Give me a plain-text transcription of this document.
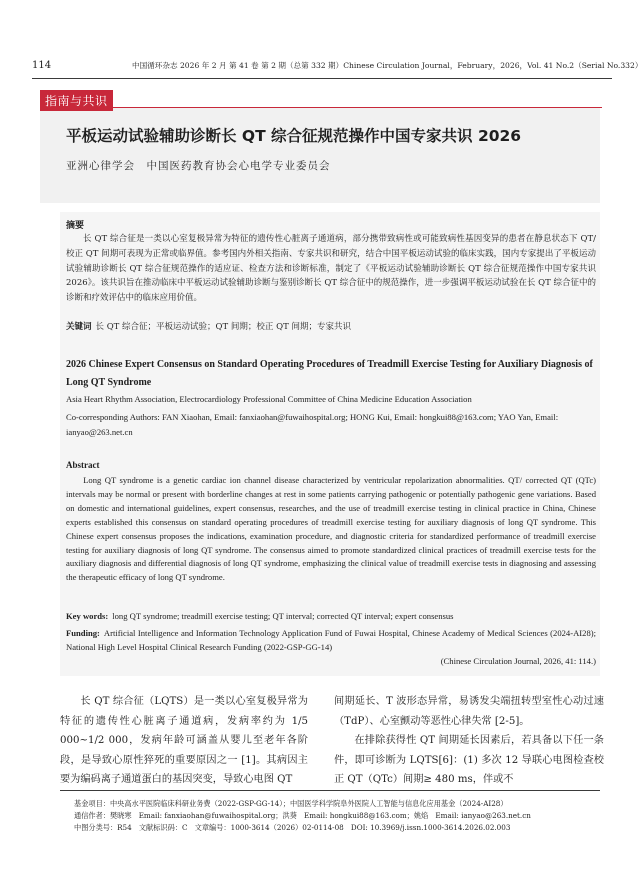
114	中国循环杂志 2026 年 2 月 第 41 卷 第 2 期（总第 332 期）Chinese Circulation Journal，February，2026，Vol. 41 No.2（Serial No.332）
指南与共识
平板运动试验辅助诊断长 QT 综合征规范操作中国专家共识 2026
亚洲心律学会　中国医药教育协会心电学专业委员会
摘要
长 QT 综合征是一类以心室复极异常为特征的遗传性心脏离子通道病，部分携带致病性或可能致病性基因变异的患者在静息状态下 QT/ 校正 QT 间期可表现为正常或临界值。参考国内外相关指南、专家共识和研究，结合中国平板运动试验的临床实践，国内专家提出了平板运动试验辅助诊断长 QT 综合征规范操作的适应证、检查方法和诊断标准，制定了《平板运动试验辅助诊断长 QT 综合征规范操作中国专家共识 2026》。该共识旨在推动临床中平板运动试验辅助诊断与鉴别诊断长 QT 综合征中的规范操作，进一步强调平板运动试验在长 QT 综合征中的诊断和疗效评估中的临床应用价值。
关键词 长 QT 综合征；平板运动试验；QT 间期；校正 QT 间期；专家共识
2026 Chinese Expert Consensus on Standard Operating Procedures of Treadmill Exercise Testing for Auxiliary Diagnosis of Long QT Syndrome
Asia Heart Rhythm Association, Electrocardiology Professional Committee of China Medicine Education Association
Co-corresponding Authors: FAN Xiaohan, Email: fanxiaohan@fuwaihospital.org; HONG Kui, Email: hongkui88@163.com; YAO Yan, Email: ianyao@263.net.cn
Abstract
Long QT syndrome is a genetic cardiac ion channel disease characterized by ventricular repolarization abnormalities. QT/ corrected QT (QTc) intervals may be normal or present with borderline changes at rest in some patients carrying pathogenic or potentially pathogenic gene variations. Based on domestic and international guidelines, expert consensus, researches, and the use of treadmill exercise testing in clinical practice in China, Chinese experts established this consensus on standard operating procedures of treadmill exercise testing for auxiliary diagnosis of long QT syndrome. This Chinese expert consensus proposes the indications, examination procedure, and diagnostic criteria for standardized performance of treadmill exercise testing for auxiliary diagnosis of long QT syndrome. The consensus aimed to promote standardized clinical practices of treadmill exercise tests for the auxiliary diagnosis and differential diagnosis of long QT syndrome, emphasizing the clinical value of treadmill exercise tests in diagnosing and assessing the therapeutic efficacy of long QT syndrome.
Key words: long QT syndrome; treadmill exercise testing; QT interval; corrected QT interval; expert consensus
Funding: Artificial Intelligence and Information Technology Application Fund of Fuwai Hospital, Chinese Academy of Medical Sciences (2024-AI28); National High Level Hospital Clinical Research Funding (2022-GSP-GG-14)
(Chinese Circulation Journal, 2026, 41: 114.)
长 QT 综合征（LQTS）是一类以心室复极异常为特征的遗传性心脏离子通道病，发病率约为 1/5 000~1/2 000，发病年龄可涵盖从婴儿至老年各阶段，是导致心原性猝死的重要原因之一 [1]。其病因主要为编码离子通道蛋白的基因突变，导致心电图 QT

间期延长、T 波形态异常，易诱发尖端扭转型室性心动过速（TdP）、心室颤动等恶性心律失常 [2-5]。

在排除获得性 QT 间期延长因素后，若具备以下任一条件，即可诊断为 LQTS[6]：(1) 多次 12 导联心电图检查校正 QT（QTc）间期≥ 480 ms，伴或不

基金项目：中央高水平医院临床科研业务费（2022-GSP-GG-14）；中国医学科学院阜外医院人工智能与信息化应用基金（2024-AI28）
通信作者：樊晓寒　Email: fanxiaohan@fuwaihospital.org；洪葵　Email: hongkui88@163.com；姚焰　Email: ianyao@263.net.cn
中图分类号：R54　文献标识码：C　文章编号：1000-3614（2026）02-0114-08　DOI: 10.3969/j.issn.1000-3614.2026.02.003
